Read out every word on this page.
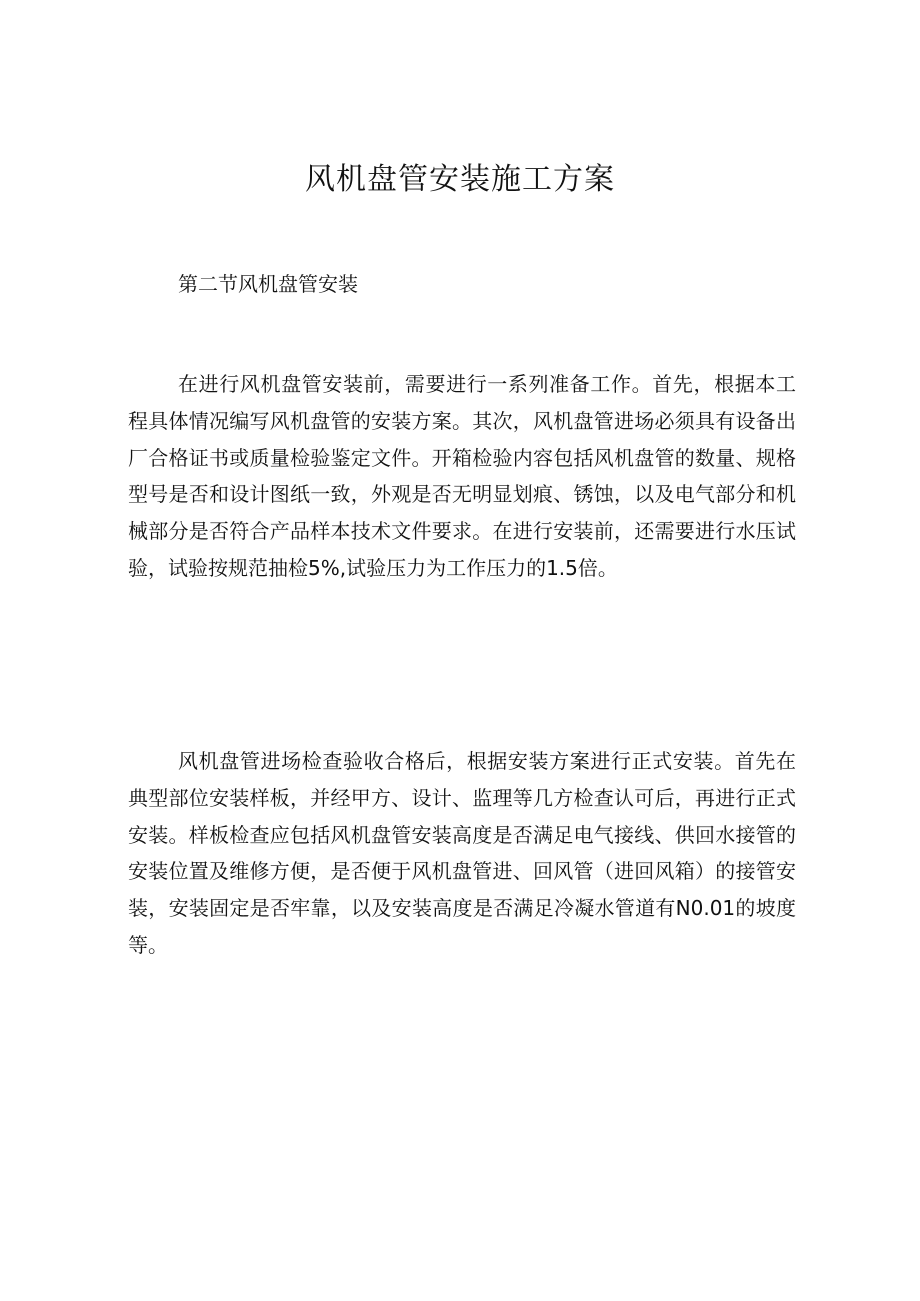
风机盘管安装施工方案
第二节风机盘管安装

在进行风机盘管安装前，需要进行一系列准备工作。首先，根据本工程具体情况编写风机盘管的安装方案。其次，风机盘管进场必须具有设备出厂合格证书或质量检验鉴定文件。开箱检验内容包括风机盘管的数量、规格型号是否和设计图纸一致，外观是否无明显划痕、锈蚀，以及电气部分和机械部分是否符合产品样本技术文件要求。在进行安装前，还需要进行水压试验，试验按规范抽检5%,试验压力为工作压力的1.5倍。

风机盘管进场检查验收合格后，根据安装方案进行正式安装。首先在典型部位安装样板，并经甲方、设计、监理等几方检查认可后，再进行正式安装。样板检查应包括风机盘管安装高度是否满足电气接线、供回水接管的安装位置及维修方便，是否便于风机盘管进、回风管（进回风箱）的接管安装，安装固定是否牢靠，以及安装高度是否满足冷凝水管道有N0.01的坡度等。
